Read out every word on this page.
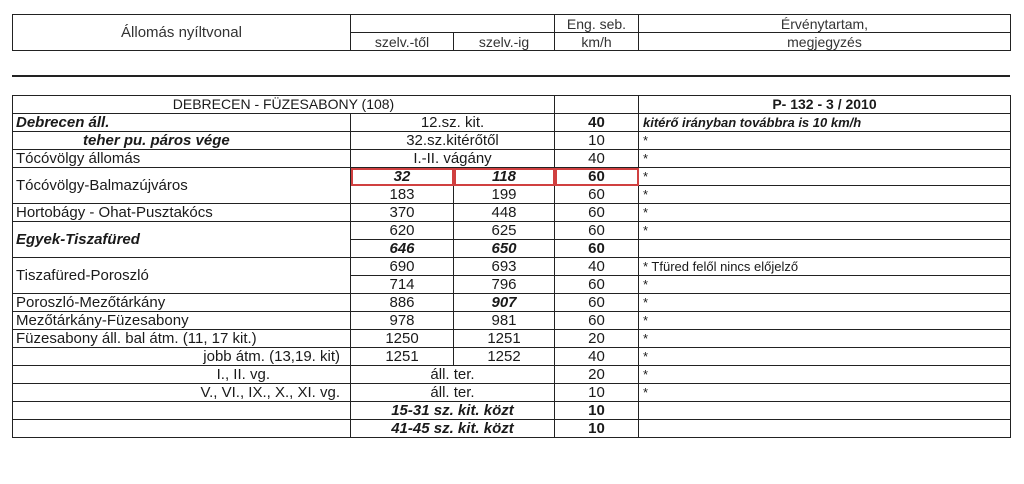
Állomás nyíltvonal			Eng. seb.	Érvénytartam,
	szelv.-től	szelv.-ig	km/h	megjegyzés
DEBRECEN - FÜZESABONY (108)				P- 132 - 3 / 2010
Debrecen áll.	12.sz. kit.		40	kitérő irányban továbbra is 10 km/h
teher pu. páros vége	32.sz.kitérőtől		10	*
Tócóvölgy állomás	I.-II. vágány		40	*
Tócóvölgy-Balmazújváros	32	118	60	*
	183	199	60	*
Hortobágy - Ohat-Pusztakócs	370	448	60	*
Egyek-Tiszafüred	620	625	60	*
	646	650	60	
Tiszafüred-Poroszló	690	693	40	* Tfüred felől nincs előjelző
	714	796	60	*
Poroszló-Mezőtárkány	886	907	60	*
Mezőtárkány-Füzesabony	978	981	60	*
Füzesabony áll. bal átm. (11, 17 kit.)	1250	1251	20	*
jobb átm. (13,19. kit)	1251	1252	40	*
I., II. vg.	áll. ter.		20	*
V., VI., IX., X., XI. vg.	áll. ter.		10	*
	15-31 sz. kit. közt		10	
	41-45 sz. kit. közt		10	
